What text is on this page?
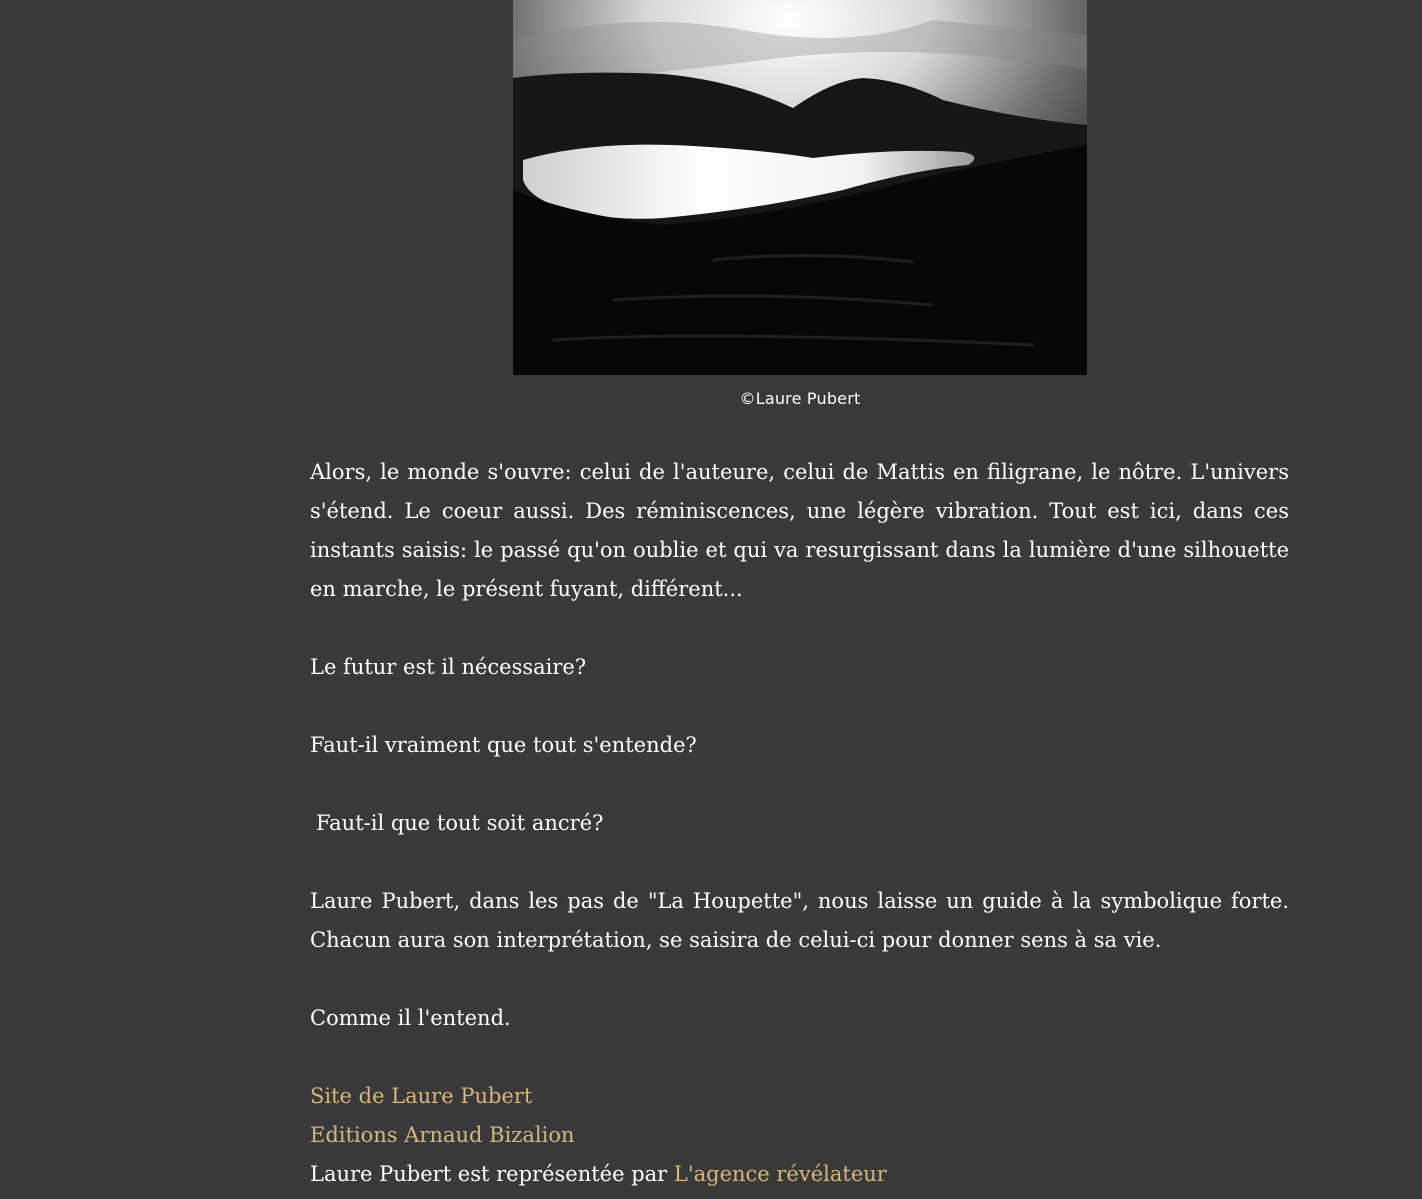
©Laure Pubert

Alors, le monde s'ouvre: celui de l'auteure, celui de Mattis en filigrane, le nôtre. L'univers s'étend. Le coeur aussi. Des réminiscences, une légère vibration. Tout est ici, dans ces instants saisis: le passé qu'on oublie et qui va resurgissant dans la lumière d'une silhouette en marche, le présent fuyant, différent...

Le futur est il nécessaire?

Faut-il vraiment que tout s'entende?

Faut-il que tout soit ancré?

Laure Pubert, dans les pas de "La Houpette", nous laisse un guide à la symbolique forte. Chacun aura son interprétation, se saisira de celui-ci pour donner sens à sa vie.

Comme il l'entend.

Site de Laure Pubert
Editions Arnaud Bizalion
Laure Pubert est représentée par L'agence révélateur
